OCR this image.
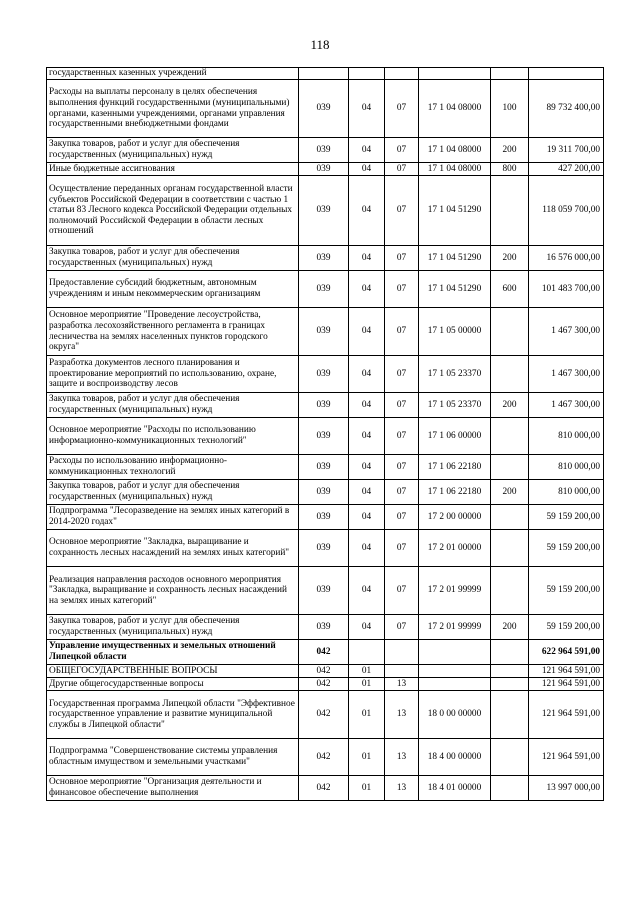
118
государственных казенных учреждений						
Расходы на выплаты персоналу в целях обеспечения выполнения функций государственными (муниципальными) органами, казенными учреждениями, органами управления государственными внебюджетными фондами	039	04	07	17 1 04 08000	100	89 732 400,00
Закупка товаров, работ и услуг для обеспечения государственных (муниципальных) нужд	039	04	07	17 1 04 08000	200	19 311 700,00
Иные бюджетные ассигнования	039	04	07	17 1 04 08000	800	427 200,00
Осуществление переданных органам государственной власти субъектов Российской Федерации в соответствии с частью 1 статьи 83 Лесного кодекса Российской Федерации отдельных полномочий Российской Федерации в области лесных отношений	039	04	07	17 1 04 51290		118 059 700,00
Закупка товаров, работ и услуг для обеспечения государственных (муниципальных) нужд	039	04	07	17 1 04 51290	200	16 576 000,00
Предоставление субсидий бюджетным, автономным учреждениям и иным некоммерческим организациям	039	04	07	17 1 04 51290	600	101 483 700,00
Основное мероприятие "Проведение лесоустройства, разработка лесохозяйственного регламента в границах лесничества на землях населенных пунктов городского округа"	039	04	07	17 1 05 00000		1 467 300,00
Разработка документов лесного планирования и проектирование мероприятий по использованию, охране, защите и воспроизводству лесов	039	04	07	17 1 05 23370		1 467 300,00
Закупка товаров, работ и услуг для обеспечения государственных (муниципальных) нужд	039	04	07	17 1 05 23370	200	1 467 300,00
Основное мероприятие "Расходы по использованию информационно-коммуникационных технологий"	039	04	07	17 1 06 00000		810 000,00
Расходы по использованию информационно-коммуникационных технологий	039	04	07	17 1 06 22180		810 000,00
Закупка товаров, работ и услуг для обеспечения государственных (муниципальных) нужд	039	04	07	17 1 06 22180	200	810 000,00
Подпрограмма "Лесоразведение на землях иных категорий в 2014-2020 годах"	039	04	07	17 2 00 00000		59 159 200,00
Основное мероприятие "Закладка, выращивание и сохранность лесных насаждений на землях иных категорий"	039	04	07	17 2 01 00000		59 159 200,00
Реализация направления расходов основного мероприятия "Закладка, выращивание и сохранность лесных насаждений на землях иных категорий"	039	04	07	17 2 01 99999		59 159 200,00
Закупка товаров, работ и услуг для обеспечения государственных (муниципальных) нужд	039	04	07	17 2 01 99999	200	59 159 200,00
Управление имущественных и земельных отношений Липецкой области	042					622 964 591,00
ОБЩЕГОСУДАРСТВЕННЫЕ ВОПРОСЫ	042	01				121 964 591,00
Другие общегосударственные вопросы	042	01	13			121 964 591,00
Государственная программа Липецкой области "Эффективное государственное управление и развитие муниципальной службы в Липецкой области"	042	01	13	18 0 00 00000		121 964 591,00
Подпрограмма "Совершенствование системы управления областным имуществом и земельными участками"	042	01	13	18 4 00 00000		121 964 591,00
Основное мероприятие "Организация деятельности и финансовое обеспечение выполнения	042	01	13	18 4 01 00000		13 997 000,00
